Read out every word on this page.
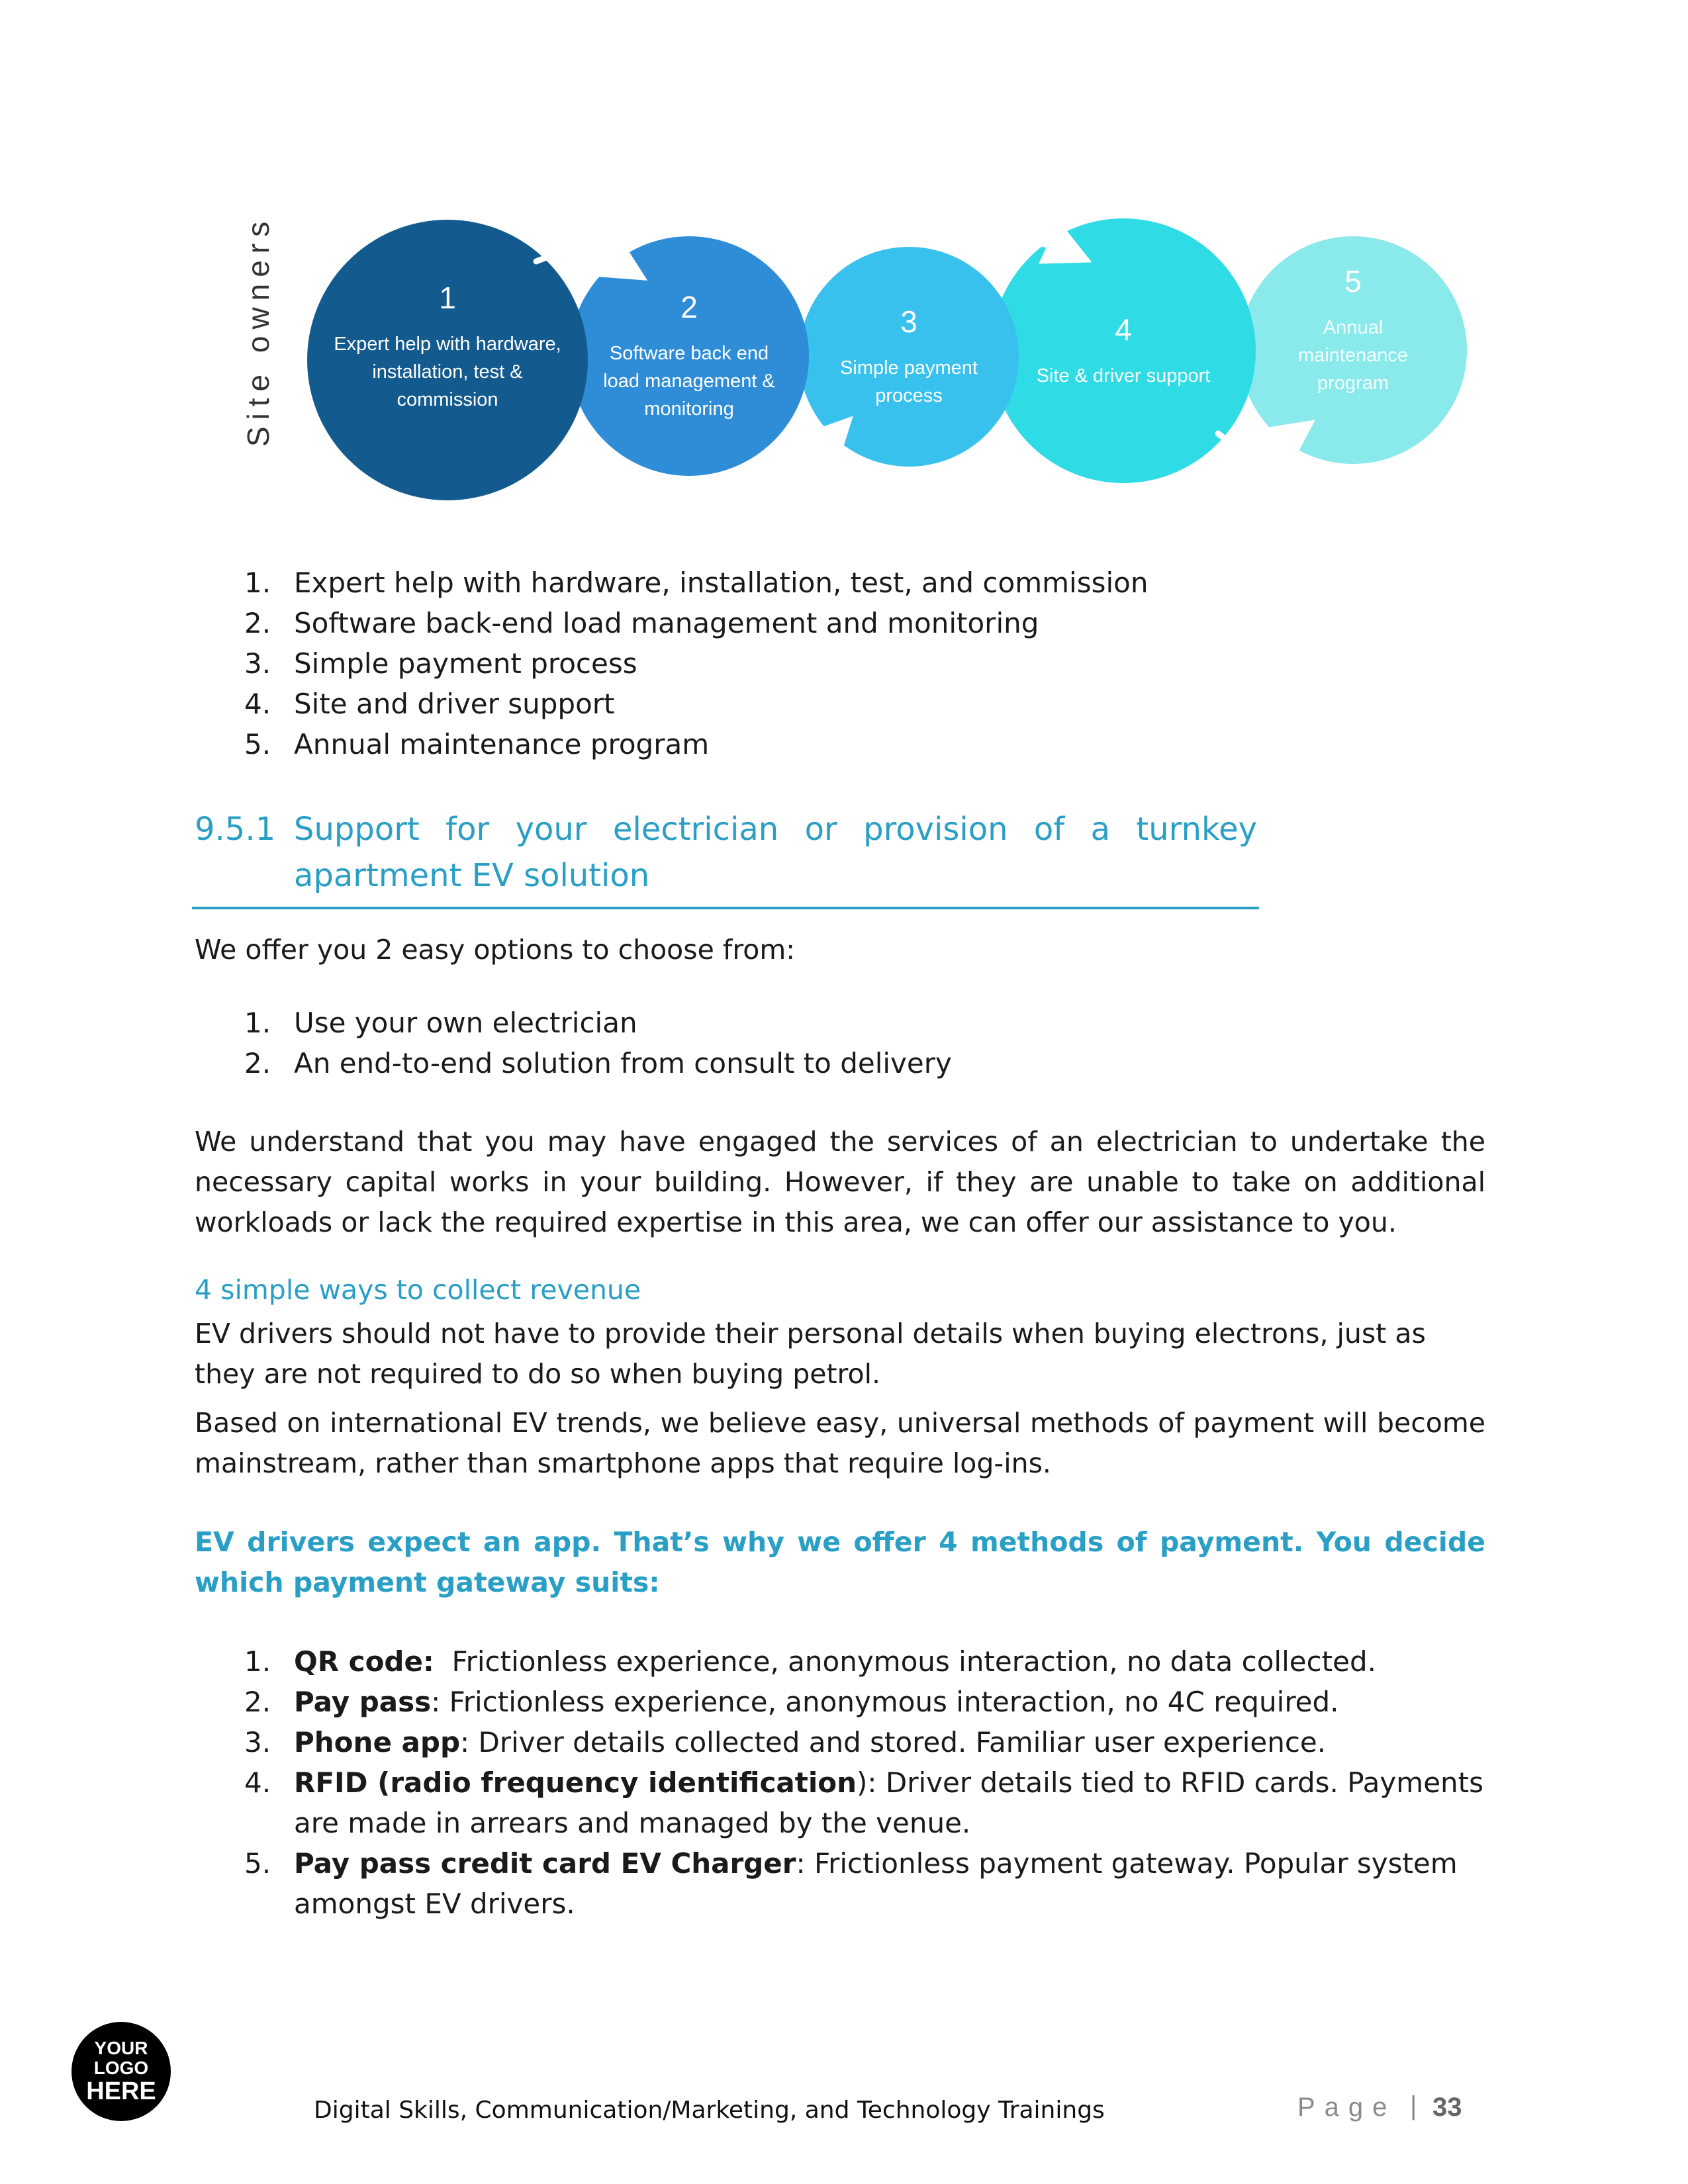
Site owners	1
Expert help with hardware, installation, test & commission
2
Software back end load management & monitoring
3
Simple payment process
4
Site & driver support
5
Annual maintenance program
1. Expert help with hardware, installation, test, and commission
2. Software back-end load management and monitoring
3. Simple payment process
4. Site and driver support
5. Annual maintenance program
9.5.1 Support for your electrician or provision of a turnkey apartment EV solution

We offer you 2 easy options to choose from:

1. Use your own electrician
2. An end-to-end solution from consult to delivery

We understand that you may have engaged the services of an electrician to undertake the necessary capital works in your building. However, if they are unable to take on additional workloads or lack the required expertise in this area, we can offer our assistance to you.

4 simple ways to collect revenue

EV drivers should not have to provide their personal details when buying electrons, just as they are not required to do so when buying petrol.

Based on international EV trends, we believe easy, universal methods of payment will become mainstream, rather than smartphone apps that require log-ins.

EV drivers expect an app. That’s why we offer 4 methods of payment. You decide which payment gateway suits:

1. QR code:  Frictionless experience, anonymous interaction, no data collected.
2. Pay pass: Frictionless experience, anonymous interaction, no 4C required.
3. Phone app: Driver details collected and stored. Familiar user experience.
4. RFID (radio frequency identification): Driver details tied to RFID cards. Payments are made in arrears and managed by the venue.
5. Pay pass credit card EV Charger: Frictionless payment gateway. Popular system amongst EV drivers.
YOUR
LOGO
HERE
Digital Skills, Communication/Marketing, and Technology Trainings	Page | 33
